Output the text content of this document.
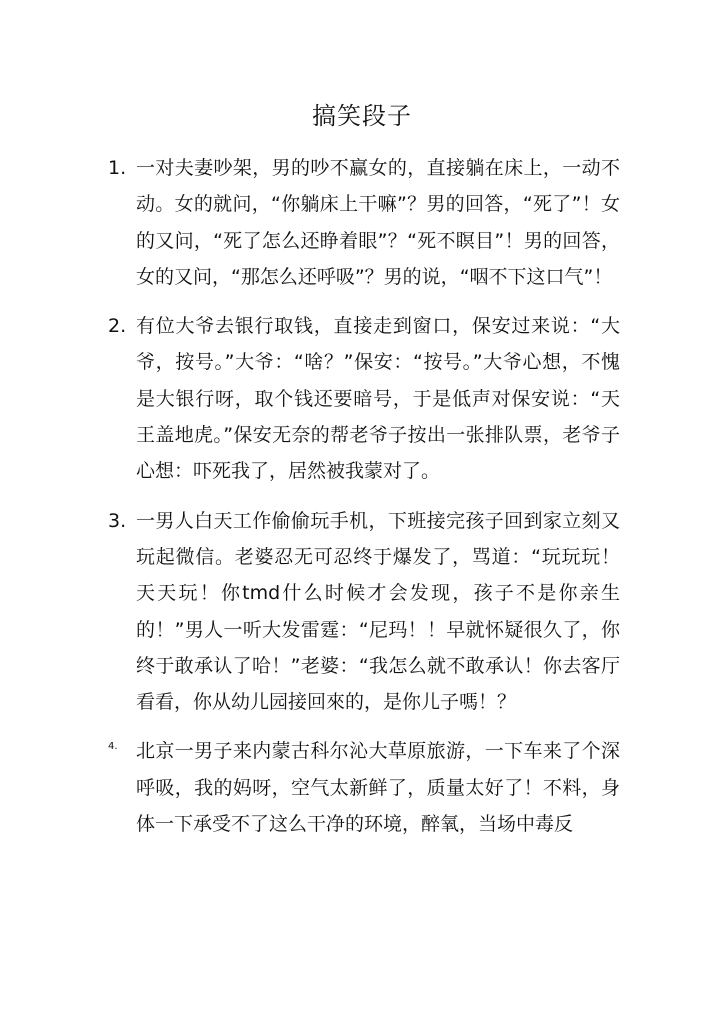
搞笑段子
1. 一对夫妻吵架，男的吵不赢女的，直接躺在床上，一动不动。女的就问，“你躺床上干嘛”？男的回答，“死了”！女的又问，“死了怎么还睁着眼”？“死不瞑目”！男的回答，女的又问，“那怎么还呼吸”？男的说，“咽不下这口气”！
2. 有位大爷去银行取钱，直接走到窗口，保安过来说：“大爷，按号。”大爷：“啥？”保安：“按号。”大爷心想，不愧是大银行呀，取个钱还要暗号，于是低声对保安说：“天王盖地虎。”保安无奈的帮老爷子按出一张排队票，老爷子心想：吓死我了，居然被我蒙对了。
3. 一男人白天工作偷偷玩手机，下班接完孩子回到家立刻又玩起微信。老婆忍无可忍终于爆发了，骂道：“玩玩玩！天天玩！你tmd什么时候才会发现，孩子不是你亲生的！”男人一听大发雷霆：“尼玛！！早就怀疑很久了，你终于敢承认了哈！”老婆：“我怎么就不敢承认！你去客厅看看，你从幼儿园接回來的，是你儿子嗎！？
4. 北京一男子来内蒙古科尔沁大草原旅游，一下车来了个深呼吸，我的妈呀，空气太新鲜了，质量太好了！不料，身体一下承受不了这么干净的环境，醉氧，当场中毒反
